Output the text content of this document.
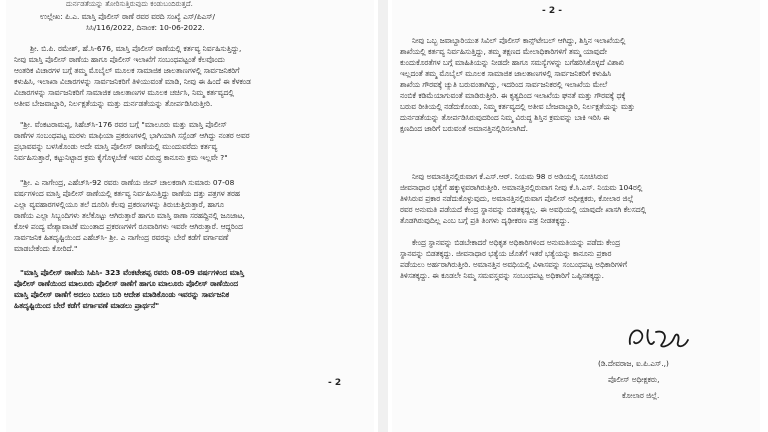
ದುರ್ನಡತೆಯನ್ನು ತೋರಿಸುತ್ತಿರುವುದು ಕಂಡುಬಂದಿರುತ್ತದೆ.
ಉಲ್ಲೇಖ: ಪಿ.ಎ. ಮಾಸ್ತಿ ಪೊಲೀಸ್ ಠಾಣೆ ರವರ ವರದಿ ಸಂಖ್ಯೆ ಎಸ್/ಪಿಎಸ್/
ಸಿಸಿ/116/2022, ದಿನಾಂಕ: 10-06-2022.
ಶ್ರೀ. ಬಿ.ಪಿ. ರಮೇಶ್, ಹೆ.ಸಿ-676, ಮಾಸ್ತಿ ಪೊಲೀಸ್ ಠಾಣೆಯಲ್ಲಿ ಕರ್ತವ್ಯ ನಿರ್ವಹಿಸುತ್ತಿದ್ದು,
ನೀವು ಮಾಸ್ತಿ ಪೊಲೀಸ್ ಠಾಣೆಯ ಹಾಗೂ ಪೊಲೀಸ್ ಇಲಾಖೆಗೆ ಸಂಬಂಧಪಟ್ಟಂತೆ ಕೆಲವೊಂದು
ಆಂತರಿಕ ವಿಚಾರಗಳ ಬಗ್ಗೆ ತಮ್ಮ ಮೊಬೈಲ್ ಮೂಲಕ ಸಾಮಾಜಿಕ ಜಾಲತಾಣಗಳಲ್ಲಿ ಸಾರ್ವಜನಿಕರಿಗೆ
ಕಳುಹಿಸಿ, ಇಲಾಖಾ ವಿಚಾರಗಳನ್ನು ಸಾರ್ವಜನಿಕರಿಗೆ ತಿಳಿಯುವಂತೆ ಮಾಡಿ, ನೀವು ಈ ಹಿಂದೆ ಈ ಕೆಳಕಂಡ
ವಿಚಾರಗಳನ್ನು ಸಾರ್ವಜನಿಕರಿಗೆ ಸಾಮಾಜಿಕ ಜಾಲತಾಣಗಳ ಮೂಲಕ ಚರ್ಚಿಸಿ, ನಿಮ್ಮ ಕರ್ತವ್ಯದಲ್ಲಿ
ಅತೀವ ಬೇಜವಾಬ್ದಾರಿ, ನಿರ್ಲಕ್ಷತೆಯನ್ನು ಮತ್ತು ದುರ್ನಡತೆಯನ್ನು ತೋರ್ಪಡಿಸಿರುತ್ತೀರಿ.
"ಶ್ರೀ. ವೆಂಕಟರಾಮಪ್ಪ, ಸಿಹೆಚ್‌ಸಿ-176 ರವರ ಬಗ್ಗೆ "ಮಾಲೂರು ಮತ್ತು ಮಾಸ್ತಿ ಪೊಲೀಸ್
ಠಾಣೆಗಳ ಸಂಬಂಧಪಟ್ಟ ಮರಳು ಮಾಫಿಯಾ ಪ್ರಕರಣಗಳಲ್ಲಿ ಭಾಗಿಯಾಗಿ ಸಸ್ಪೆಂಡ್ ಆಗಿದ್ದು ನಂತರ ಅವರ
ಪ್ರಭಾವವನ್ನು ಬಳಸಿಕೊಂಡು ಅದೇ ಮಾಸ್ತಿ ಪೊಲೀಸ್ ಠಾಣೆಯಲ್ಲಿ ಮುಂದುವರೆದು ಕರ್ತವ್ಯ
ನಿರ್ವಹಿಸುತ್ತಾರೆ, ಕಟ್ಟುನಿಟ್ಟಾದ ಕ್ರಮ ಕೈಗೊಳ್ಳಬೇಕೆ ಇವರ ವಿರುದ್ಧ ಕಾನೂನು ಕ್ರಮ ಇಲ್ಲವೇ ?"
"ಶ್ರೀ. ಎ ನಾಗೇಂದ್ರ, ಎಹೆಚ್‌ಸಿ-92 ರವರು ಠಾಣೆಯ ಜೀಪ್ ಚಾಲಕರಾಗಿ ಸುಮಾರು 07-08
ವರ್ಷಗಳಿಂದ ಮಾಸ್ತಿ ಪೊಲೀಸ್ ಠಾಣೆಯಲ್ಲಿ ಕರ್ತವ್ಯ ನಿರ್ವಹಿಸುತ್ತಿದ್ದು ಠಾಣೆಯ ದತ್ತು ಪತ್ರಗಳ ತರಹ
ಎಲ್ಲಾ ವ್ಯವಹಾರಗಳಲ್ಲಿಯೂ ತಲೆ ದೂರಿಸಿ ಕೆಲವು ಪ್ರಕರಣಗಳನ್ನು ತಿರುಚುತ್ತಿರುತ್ತಾರೆ, ಹಾಗೂ
ಠಾಣೆಯ ಎಲ್ಲಾ ಸಿಬ್ಬಂದಿಗಳು ತಲೆಕೊಟ್ಟು ಆಗಿರುತ್ತಾರೆ ಹಾಗೂ ಮಾಸ್ತಿ ಠಾಣಾ ಸರಹದ್ದಿನಲ್ಲಿ ಜೂಜಾಟ,
ಕೋಳಿ ಪಂದ್ಯ ವೇಶ್ಯಾವಾಟಿಕೆ ಮುಂತಾದ ಪ್ರಕರಣಗಳಿಗೆ ರೂವಾರಿಗಳು ಇವರೇ ಆಗಿರುತ್ತಾರೆ. ಆದ್ದರಿಂದ
ಸಾರ್ವಜನಿಕ ಹಿತದೃಷ್ಟಿಯಿಂದ ಎಹೆಚ್‌ಸಿ- ಶ್ರೀ. ಎ ನಾಗೇಂದ್ರ ರವರನ್ನು ಬೇರೆ ಕಡೆಗೆ ವರ್ಗಾವಣೆ
ಮಾಡಬೇಕೆಂದು ಕೋರಿದೆ."
"ಮಾಸ್ತಿ ಪೊಲೀಸ್ ಠಾಣೆಯ ಸಿಪಿಸಿ- 323 ವೆಂಕಟೇಶಪ್ಪ ರವರು 08-09 ವರ್ಷಗಳಿಂದ ಮಾಸ್ತಿ
ಪೊಲೀಸ್ ಠಾಣೆಯಿಂದ ಮಾಲೂರು ಪೊಲೀಸ್ ಠಾಣೆಗೆ ಹಾಗೂ ಮಾಲೂರು ಪೊಲೀಸ್ ಠಾಣೆಯಿಂದ
ಮಾಸ್ತಿ ಪೊಲೀಸ್ ಠಾಣೆಗೆ ಅದಲು ಬದಲು ಬರಿ ಆದೇಶ ಮಾಡಿಕೊಂಡು ಇವರನ್ನು ಸಾರ್ವಜನಿಕ
ಹಿತದೃಷ್ಟಿಯಿಂದ ಬೇರೆ ಕಡೆಗೆ ವರ್ಗಾವಣೆ ಮಾಡಲು ಪ್ರಾರ್ಥನೆ"
- 2
- 2 -
ನೀವು ಒಬ್ಬ ಜವಾಬ್ದಾರಿಯುತ ಸಿವಿಲ್ ಪೊಲೀಸ್ ಕಾನ್ಸ್‌ಟೇಬಲ್ ಆಗಿದ್ದು, ಶಿಸ್ತಿನ ಇಲಾಖೆಯಲ್ಲಿ
ಶಾಖೆಯಲ್ಲಿ ಕರ್ತವ್ಯ ನಿರ್ವಹಿಸುತ್ತಿದ್ದು, ತಮ್ಮ ತಕ್ಷಣದ ಮೇಲಾಧಿಕಾರಿಗಳಿಗೆ ತಮ್ಮ ಯಾವುದೇ
ಕುಂದುಕೊರತೆಗಳ ಬಗ್ಗೆ ಮಾಹಿತಿಯನ್ನು ನೀಡದೇ ಹಾಗೂ ಸಮಸ್ಯೆಗಳನ್ನು ಬಗೆಹರಿಸಿಕೊಳ್ಳದೆ ವಿಶಾಖಿ
ಇಲ್ಲದಂತೆ ತಮ್ಮ ಮೊಬೈಲ್ ಮೂಲಕ ಸಾಮಾಜಿಕ ಜಾಲತಾಣಗಳಲ್ಲಿ ಸಾರ್ವಜನಿಕರಿಗೆ ಕಳುಹಿಸಿ
ಶಾಖೆಯ ಗೌರವಕ್ಕೆ ಚ್ಯುತಿ ಬರುವಂತಾಗಿದ್ದು, ಇದರಿಂದ ಸಾರ್ವಜನಿಕರಲ್ಲಿ ಇಲಾಖೆಯ ಮೇಲೆ
ನಂಬಿಕೆ ಕಡಿಮೆಯಾಗುವಂತೆ ಮಾಡಿರುತ್ತೀರಿ. ಈ ಕೃತ್ಯದಿಂದ ಇಲಾಖೆಯ ಘನತೆ ಮತ್ತು ಗೌರವಕ್ಕೆ ಧಕ್ಕೆ
ಬರುವ ರೀತಿಯಲ್ಲಿ ನಡೆದುಕೊಂಡು, ನಿಮ್ಮ ಕರ್ತವ್ಯದಲ್ಲಿ ಅತೀವ ಬೇಜವಾಬ್ದಾರಿ, ನಿರ್ಲಕ್ಷತೆಯನ್ನು ಮತ್ತು
ದುರ್ನಡತೆಯನ್ನು ತೋರ್ಪಡಿಸಿರುವುದರಿಂದ ನಿಮ್ಮ ವಿರುದ್ಧ ಶಿಸ್ತಿನ ಕ್ರಮವನ್ನು ಬಾಕಿ ಇರಿಸಿ ಈ
ಕ್ಷಣದಿಂದ ಜಾರಿಗೆ ಬರುವಂತೆ ಅಮಾನತ್ತಿನಲ್ಲಿರಿಸಲಾಗಿದೆ.
ನೀವು ಅಮಾನತ್ತಿನಲ್ಲಿರುವಾಗ ಕೆ.ಎಸ್.ಆರ್. ನಿಯಮ 98 ರ ಅಡಿಯಲ್ಲಿ ಸೂಚಿಸಿರುವ
ಜೀವನಾಧಾರ ಭತ್ಯೆಗೆ ಹಕ್ಕುಳ್ಳವರಾಗಿರುತ್ತೀರಿ. ಅಮಾನತ್ತಿನಲ್ಲಿರುವಾಗ ನೀವು ಕೆ.ಸಿ.ಎಸ್. ನಿಯಮ 104ರಲ್ಲಿ
ತಿಳಿಸಿರುವ ಪ್ರಕಾರ ನಡೆದುಕೊಳ್ಳುವುದು, ಅಮಾನತ್ತಿನಲ್ಲಿರುವಾಗ ಪೊಲೀಸ್ ಅಧೀಕ್ಷಕರು, ಕೋಲಾರ ಜಿಲ್ಲೆ
ರವರ ಅನುಮತಿ ಪಡೆಯದೆ ಕೇಂದ್ರ ಸ್ಥಾನವನ್ನು ಬಿಡತಕ್ಕದ್ದಲ್ಲ. ಈ ಅವಧಿಯಲ್ಲಿ ಯಾವುದೇ ಖಾಸಗಿ ಕೆಲಸದಲ್ಲಿ
ತೊಡಗಿರುವುದಿಲ್ಲ ಎಂಬ ಬಗ್ಗೆ ಪ್ರತಿ ತಿಂಗಳು ದೃಢೀಕರಣ ಪತ್ರ ನೀಡತಕ್ಕದ್ದು.
ಕೇಂದ್ರ ಸ್ಥಾನವನ್ನು ಬಿಡಬೇಕಾದರೆ ಅಧಿಕೃತ ಅಧಿಕಾರಿಗಳಿಂದ ಅನುಮತಿಯನ್ನು ಪಡೆದು ಕೇಂದ್ರ
ಸ್ಥಾನವನ್ನು ಬಿಡತಕ್ಕದ್ದು. ಜೀವನಾಧಾರ ಭತ್ಯೆಯ ಜೊತೆಗೆ ಇತರೆ ಭತ್ಯೆಯನ್ನು ಕಾನೂನು ಪ್ರಕಾರ
ಪಡೆಯಲು ಅರ್ಹರಾಗಿರುತ್ತೀರಿ. ಅಮಾನತ್ತಿನ ಅವಧಿಯಲ್ಲಿ ವಿಳಾಸವನ್ನು ಸಂಬಂಧಪಟ್ಟ ಅಧಿಕಾರಿಗಳಿಗೆ
ತಿಳಿಸತಕ್ಕದ್ದು. ಈ ಕೂಡಲೇ ನಿಮ್ಮ ಸಮವಸ್ತ್ರವನ್ನು ಸಂಬಂಧಪಟ್ಟ ಅಧಿಕಾರಿಗೆ ಒಪ್ಪಿಸತಕ್ಕದ್ದು.
(ಡಿ.ದೇವರಾಜ, ಐ.ಪಿ.ಎಸ್.,)
ಪೊಲೀಸ್ ಅಧೀಕ್ಷಕರು,
ಕೋಲಾರ ಜಿಲ್ಲೆ.
